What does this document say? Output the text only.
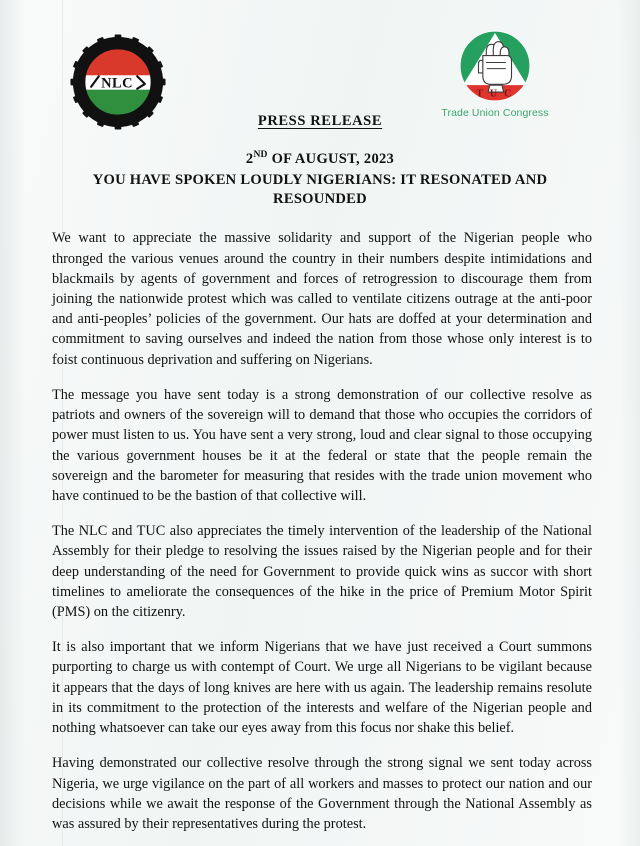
NLC
T U C
Trade Union Congress
PRESS RELEASE
2ND OF AUGUST, 2023
YOU HAVE SPOKEN LOUDLY NIGERIANS: IT RESONATED AND RESOUNDED

We want to appreciate the massive solidarity and support of the Nigerian people who thronged the various venues around the country in their numbers despite intimidations and blackmails by agents of government and forces of retrogression to discourage them from joining the nationwide protest which was called to ventilate citizens outrage at the anti-poor and anti-peoples’ policies of the government. Our hats are doffed at your determination and commitment to saving ourselves and indeed the nation from those whose only interest is to foist continuous deprivation and suffering on Nigerians.

The message you have sent today is a strong demonstration of our collective resolve as patriots and owners of the sovereign will to demand that those who occupies the corridors of power must listen to us. You have sent a very strong, loud and clear signal to those occupying the various government houses be it at the federal or state that the people remain the sovereign and the barometer for measuring that resides with the trade union movement who have continued to be the bastion of that collective will.

The NLC and TUC also appreciates the timely intervention of the leadership of the National Assembly for their pledge to resolving the issues raised by the Nigerian people and for their deep understanding of the need for Government to provide quick wins as succor with short timelines to ameliorate the consequences of the hike in the price of Premium Motor Spirit (PMS) on the citizenry.

It is also important that we inform Nigerians that we have just received a Court summons purporting to charge us with contempt of Court. We urge all Nigerians to be vigilant because it appears that the days of long knives are here with us again. The leadership remains resolute in its commitment to the protection of the interests and welfare of the Nigerian people and nothing whatsoever can take our eyes away from this focus nor shake this belief.

Having demonstrated our collective resolve through the strong signal we sent today across Nigeria, we urge vigilance on the part of all workers and masses to protect our nation and our decisions while we await the response of the Government through the National Assembly as was assured by their representatives during the protest.
